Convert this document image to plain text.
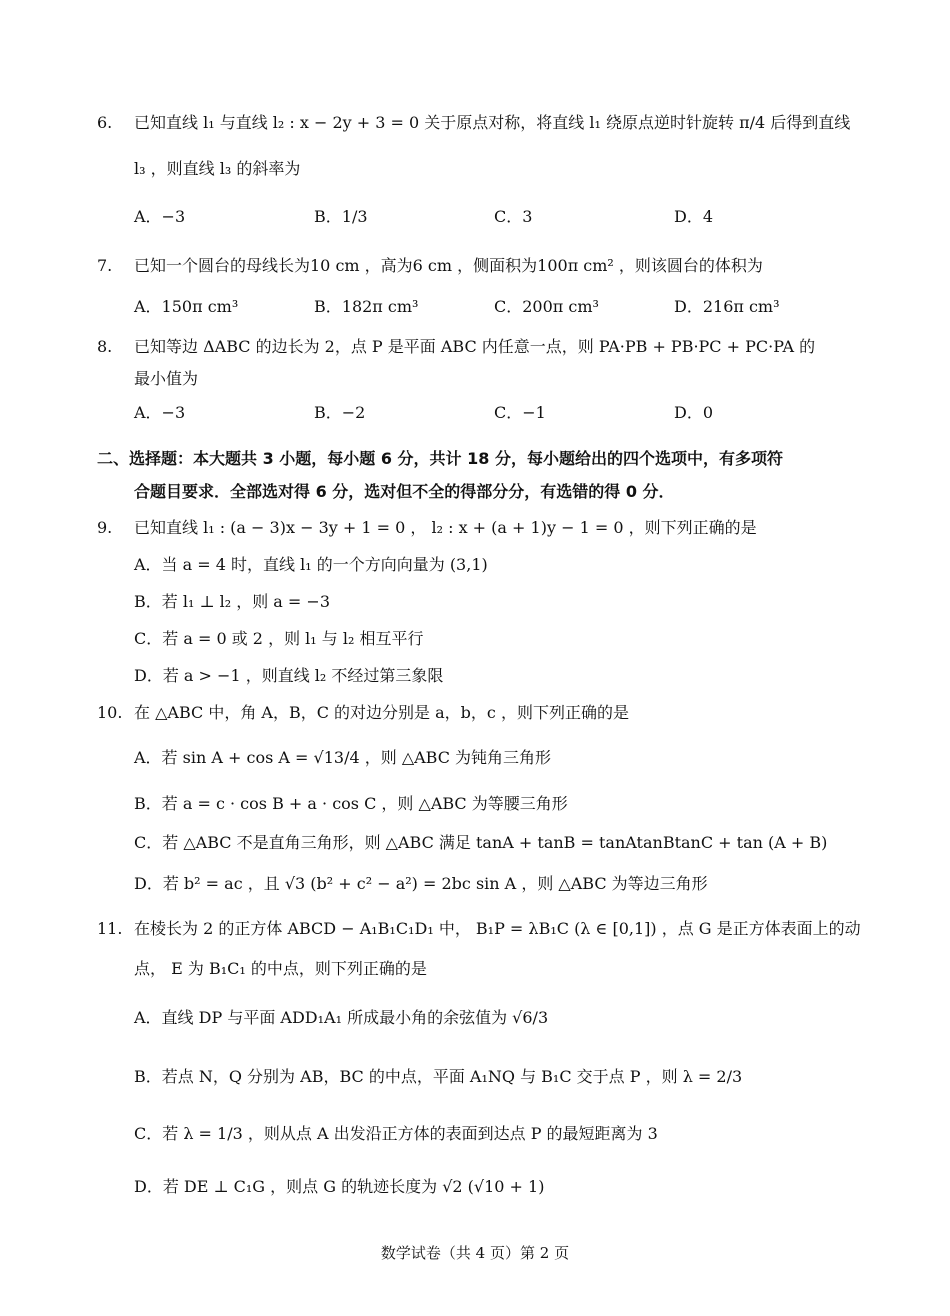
6. 已知直线 l₁ 与直线 l₂ : x − 2y + 3 = 0 关于原点对称，将直线 l₁ 绕原点逆时针旋转 π/4 后得到直线
l₃ ，则直线 l₃ 的斜率为
A．−3	B．1/3	C．3	D．4
7. 已知一个圆台的母线长为10 cm ，高为6 cm ，侧面积为100π cm² ，则该圆台的体积为
A．150π cm³	B．182π cm³	C．200π cm³	D．216π cm³
8. 已知等边 ΔABC 的边长为 2，点 P 是平面 ABC 内任意一点，则 PA·PB + PB·PC + PC·PA 的
最小值为
A．−3	B．−2	C．−1	D．0
二、选择题：本大题共 3 小题，每小题 6 分，共计 18 分，每小题给出的四个选项中，有多项符
合题目要求．全部选对得 6 分，选对但不全的得部分分，有选错的得 0 分．
9. 已知直线 l₁ : (a − 3)x − 3y + 1 = 0 ， l₂ : x + (a + 1)y − 1 = 0 ，则下列正确的是
A．当 a = 4 时，直线 l₁ 的一个方向向量为 (3,1)
B．若 l₁ ⊥ l₂ ，则 a = −3
C．若 a = 0 或 2 ，则 l₁ 与 l₂ 相互平行
D．若 a > −1 ，则直线 l₂ 不经过第三象限
10. 在 △ABC 中，角 A，B，C 的对边分别是 a，b，c ，则下列正确的是
A．若 sin A + cos A = √13/4 ，则 △ABC 为钝角三角形
B．若 a = c · cos B + a · cos C ，则 △ABC 为等腰三角形
C．若 △ABC 不是直角三角形，则 △ABC 满足 tanA + tanB = tanAtanBtanC + tan (A + B)
D．若 b² = ac ，且 √3 (b² + c² − a²) = 2bc sin A ，则 △ABC 为等边三角形
11. 在棱长为 2 的正方体 ABCD − A₁B₁C₁D₁ 中， B₁P = λB₁C (λ ∈ [0,1]) ，点 G 是正方体表面上的动
点， E 为 B₁C₁ 的中点，则下列正确的是
A．直线 DP 与平面 ADD₁A₁ 所成最小角的余弦值为 √6/3
B．若点 N，Q 分别为 AB，BC 的中点，平面 A₁NQ 与 B₁C 交于点 P ，则 λ = 2/3
C．若 λ = 1/3 ，则从点 A 出发沿正方体的表面到达点 P 的最短距离为 3
D．若 DE ⊥ C₁G ，则点 G 的轨迹长度为 √2 (√10 + 1)
数学试卷（共 4 页）第 2 页
